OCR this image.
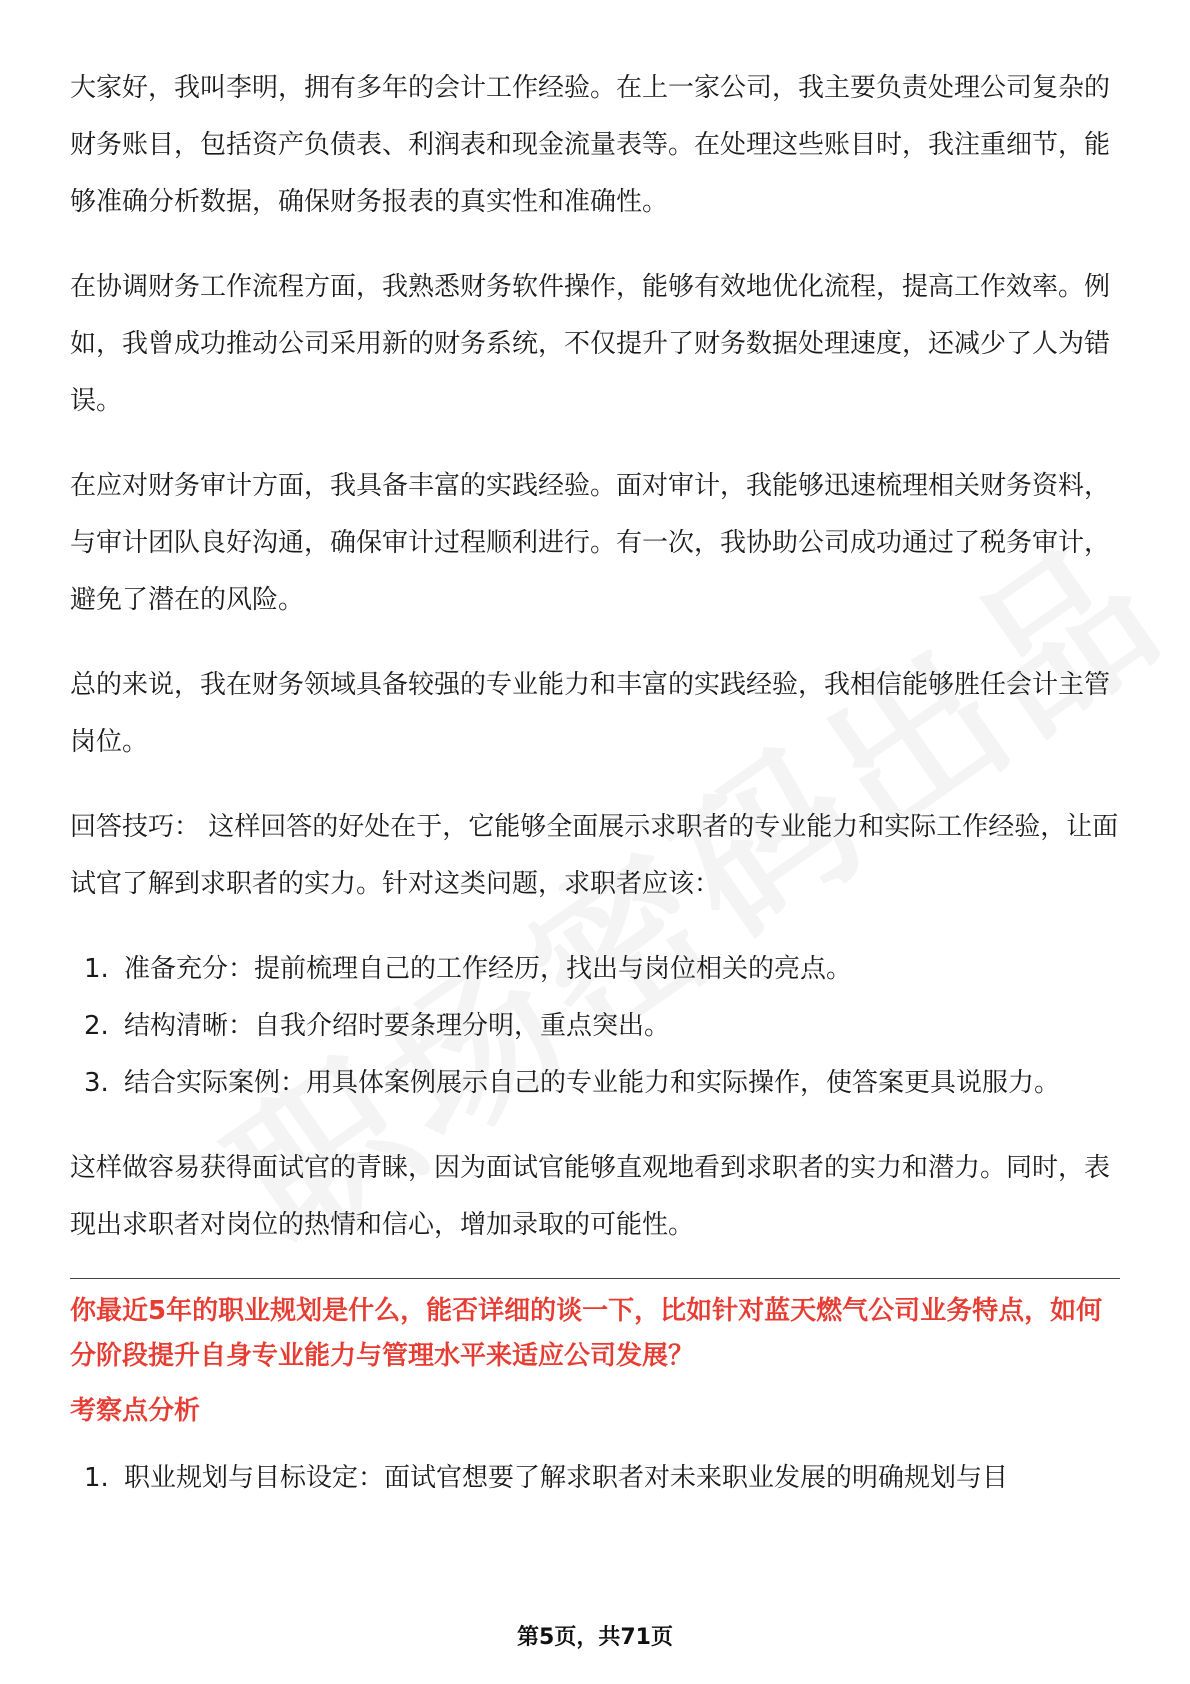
大家好，我叫李明，拥有多年的会计工作经验。在上一家公司，我主要负责处理公司复杂的财务账目，包括资产负债表、利润表和现金流量表等。在处理这些账目时，我注重细节，能够准确分析数据，确保财务报表的真实性和准确性。

在协调财务工作流程方面，我熟悉财务软件操作，能够有效地优化流程，提高工作效率。例如，我曾成功推动公司采用新的财务系统，不仅提升了财务数据处理速度，还减少了人为错误。

在应对财务审计方面，我具备丰富的实践经验。面对审计，我能够迅速梳理相关财务资料，与审计团队良好沟通，确保审计过程顺利进行。有一次，我协助公司成功通过了税务审计，避免了潜在的风险。

总的来说，我在财务领域具备较强的专业能力和丰富的实践经验，我相信能够胜任会计主管岗位。

回答技巧： 这样回答的好处在于，它能够全面展示求职者的专业能力和实际工作经验，让面试官了解到求职者的实力。针对这类问题，求职者应该：

1. 准备充分：提前梳理自己的工作经历，找出与岗位相关的亮点。
2. 结构清晰：自我介绍时要条理分明，重点突出。
3. 结合实际案例：用具体案例展示自己的专业能力和实际操作，使答案更具说服力。

这样做容易获得面试官的青睐，因为面试官能够直观地看到求职者的实力和潜力。同时，表现出求职者对岗位的热情和信心，增加录取的可能性。

你最近5年的职业规划是什么，能否详细的谈一下，比如针对蓝天燃气公司业务特点，如何分阶段提升自身专业能力与管理水平来适应公司发展？

考察点分析
1. 职业规划与目标设定：面试官想要了解求职者对未来职业发展的明确规划与目
第5页，共71页
